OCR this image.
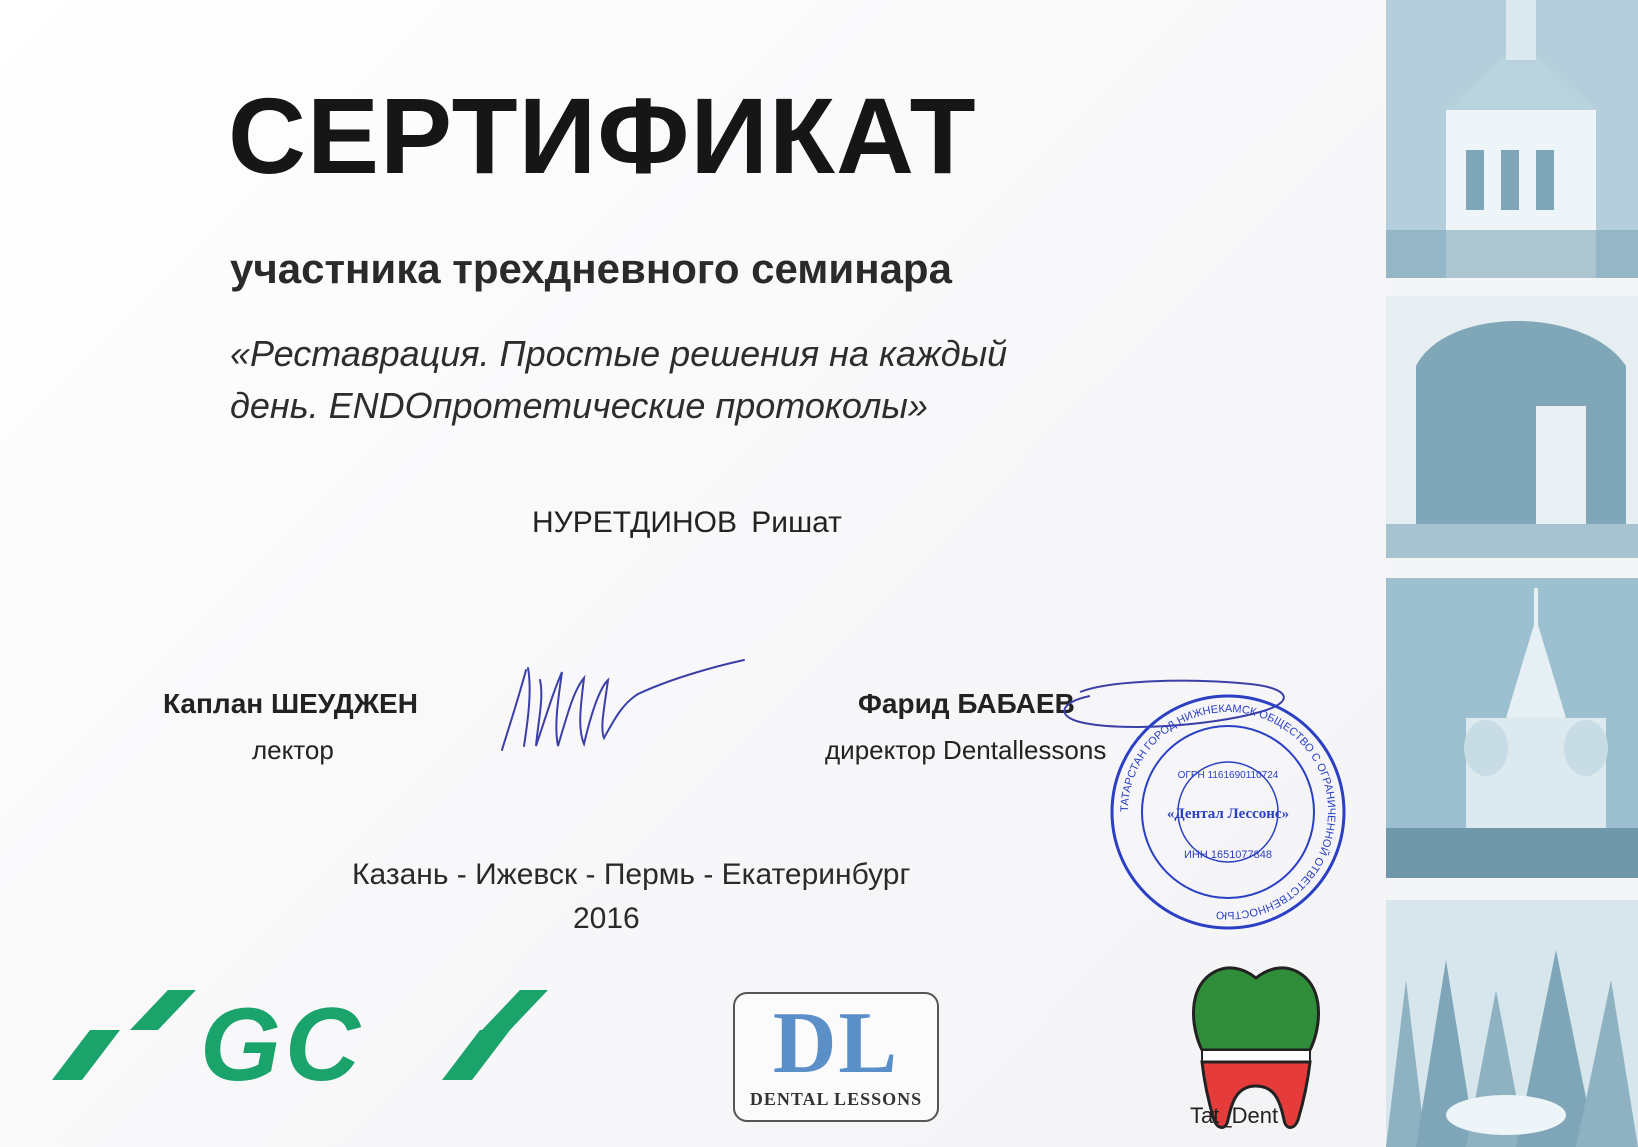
СЕРТИФИКАТ
участника трехдневного семинара
«Реставрация. Простые решения на каждый
день. ENDOпротетические протоколы»
НУРЕТДИНОВ Ришат
Каплан ШЕУДЖЕН
лектор
Фарид БАБАЕВ
директор Dentallessons
ТАТАРСТАН ГОРОД НИЖНЕКАМСК ОБЩЕСТВО С ОГРАНИЧЕННОЙ ОТВЕТСТВЕННОСТЬЮ
ОГРН 1161690110724
«Дентал Лессонс»
ИНН 1651077848
Казань - Ижевск - Пермь - Екатеринбург
2016
GC	DL
DENTAL LESSONS
Tat_Dent
